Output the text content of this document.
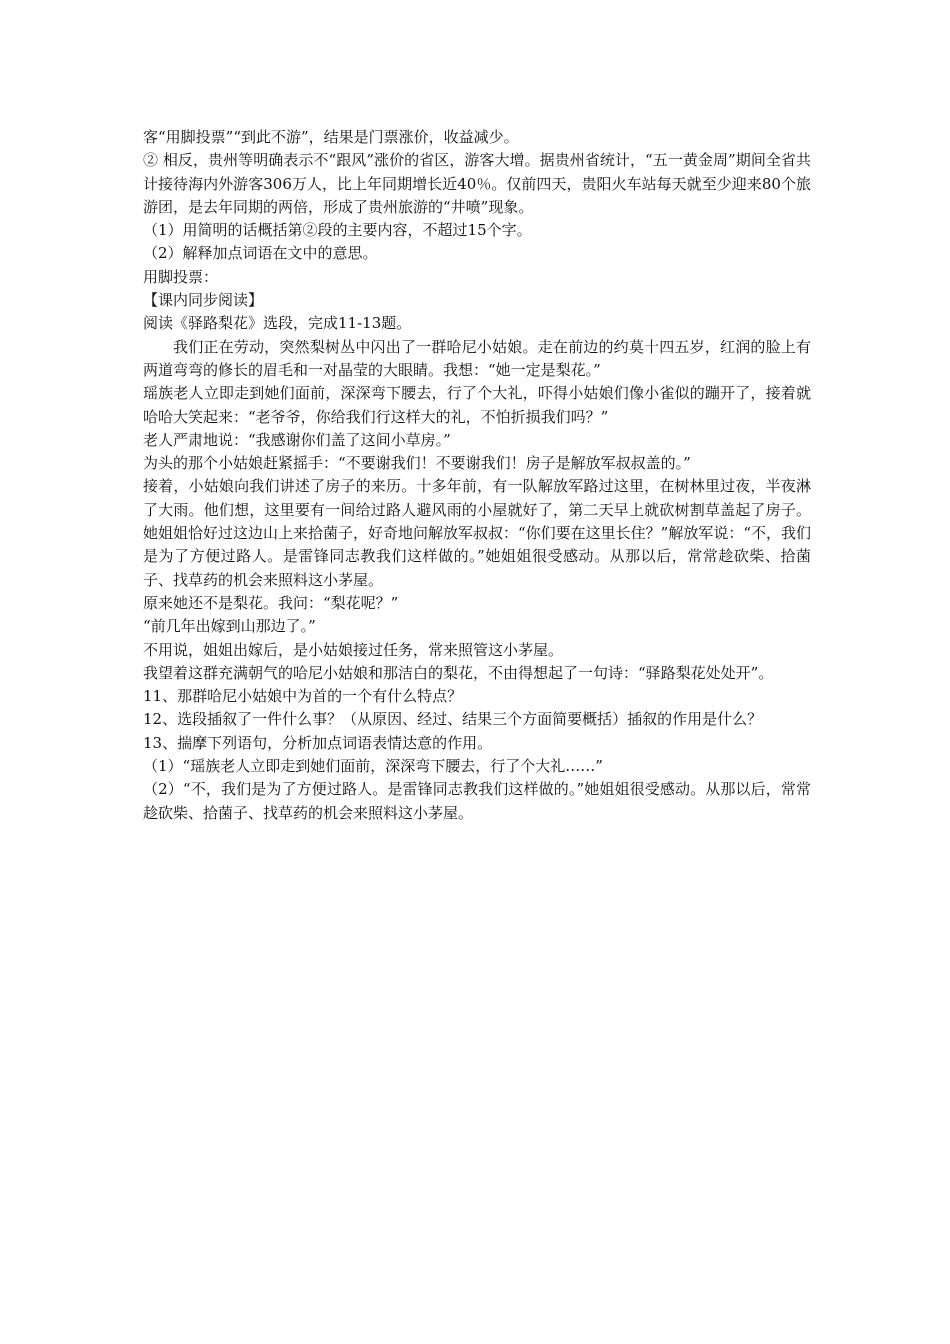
客“用脚投票”“到此不游”，结果是门票涨价，收益减少。

② 相反，贵州等明确表示不“跟风”涨价的省区，游客大增。据贵州省统计，“五一黄金周”期间全省共计接待海内外游客306万人，比上年同期增长近40％。仅前四天，贵阳火车站每天就至少迎来80个旅游团，是去年同期的两倍，形成了贵州旅游的“井喷”现象。

（1）用简明的话概括第②段的主要内容，不超过15个字。

（2）解释加点词语在文中的意思。

用脚投票：

【课内同步阅读】

阅读《驿路梨花》选段，完成11-13题。

我们正在劳动，突然梨树丛中闪出了一群哈尼小姑娘。走在前边的约莫十四五岁，红润的脸上有两道弯弯的修长的眉毛和一对晶莹的大眼睛。我想：“她一定是梨花。”

瑶族老人立即走到她们面前，深深弯下腰去，行了个大礼，吓得小姑娘们像小雀似的蹦开了，接着就哈哈大笑起来：“老爷爷，你给我们行这样大的礼，不怕折损我们吗？”

老人严肃地说：“我感谢你们盖了这间小草房。”

为头的那个小姑娘赶紧摇手：“不要谢我们！不要谢我们！房子是解放军叔叔盖的。”

接着，小姑娘向我们讲述了房子的来历。十多年前，有一队解放军路过这里，在树林里过夜，半夜淋了大雨。他们想，这里要有一间给过路人避风雨的小屋就好了，第二天早上就砍树割草盖起了房子。她姐姐恰好过这边山上来拾菌子，好奇地问解放军叔叔：“你们要在这里长住？”解放军说：“不，我们是为了方便过路人。是雷锋同志教我们这样做的。”她姐姐很受感动。从那以后，常常趁砍柴、拾菌子、找草药的机会来照料这小茅屋。

原来她还不是梨花。我问：“梨花呢？”

“前几年出嫁到山那边了。”

不用说，姐姐出嫁后，是小姑娘接过任务，常来照管这小茅屋。

我望着这群充满朝气的哈尼小姑娘和那洁白的梨花，不由得想起了一句诗：“驿路梨花处处开”。

11、那群哈尼小姑娘中为首的一个有什么特点？

12、选段插叙了一件什么事？（从原因、经过、结果三个方面简要概括）插叙的作用是什么？

13、揣摩下列语句，分析加点词语表情达意的作用。

（1）“瑶族老人立即走到她们面前，深深弯下腰去，行了个大礼……”

（2）“不，我们是为了方便过路人。是雷锋同志教我们这样做的。”她姐姐很受感动。从那以后，常常趁砍柴、拾菌子、找草药的机会来照料这小茅屋。
